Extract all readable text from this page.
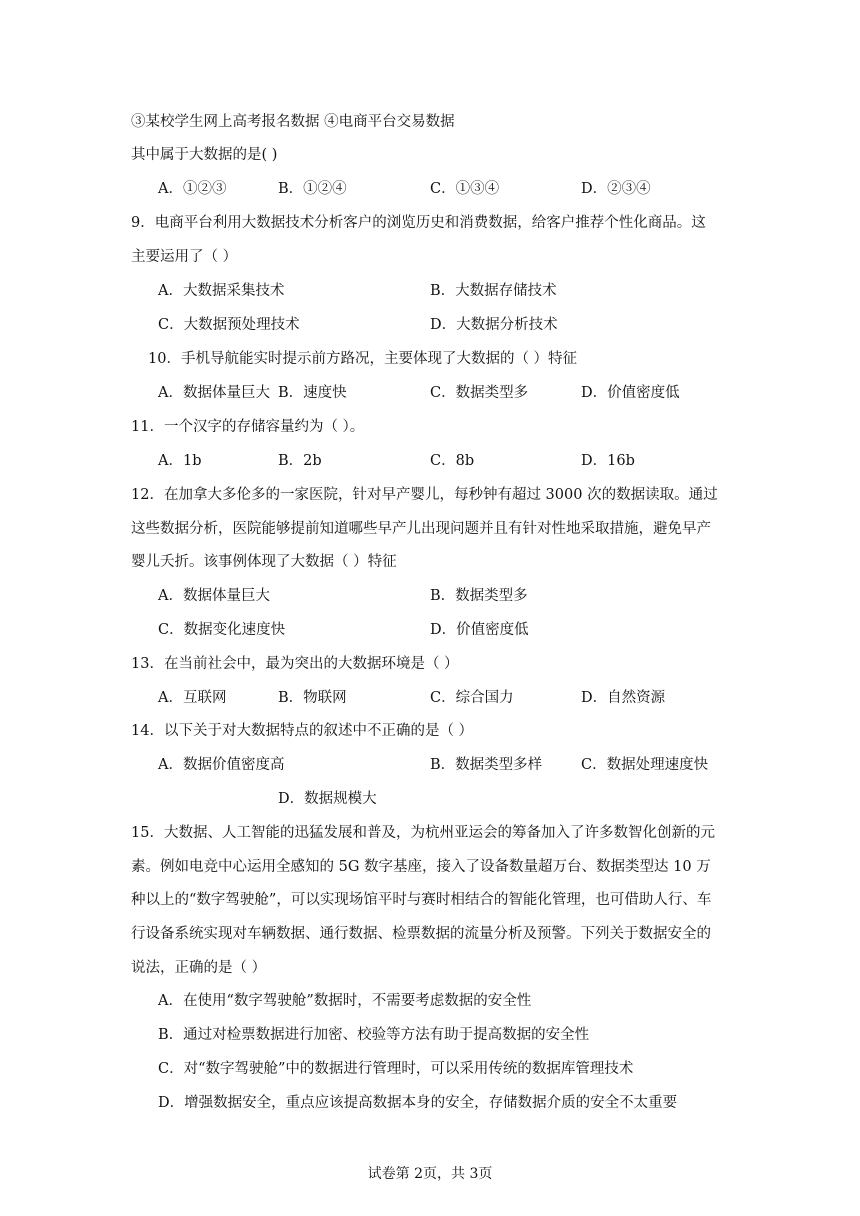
③某校学生网上高考报名数据 ④电商平台交易数据
其中属于大数据的是( )
A．①②③	B．①②④	C．①③④	D．②③④
9．电商平台利用大数据技术分析客户的浏览历史和消费数据，给客户推荐个性化商品。这
主要运用了（ ）
A．大数据采集技术	B．大数据存储技术
C．大数据预处理技术	D．大数据分析技术
10．手机导航能实时提示前方路况，主要体现了大数据的（ ）特征
A．数据体量巨大 B．速度快	C．数据类型多	D．价值密度低
11．一个汉字的存储容量约为（ ）。
A．1b	B．2b	C．8b	D．16b
12．在加拿大多伦多的一家医院，针对早产婴儿，每秒钟有超过 3000 次的数据读取。通过
这些数据分析，医院能够提前知道哪些早产儿出现问题并且有针对性地采取措施，避免早产
婴儿夭折。该事例体现了大数据（ ）特征
A．数据体量巨大	B．数据类型多
C．数据变化速度快	D．价值密度低
13．在当前社会中，最为突出的大数据环境是（ ）
A．互联网	B．物联网	C．综合国力	D．自然资源
14．以下关于对大数据特点的叙述中不正确的是（ ）
A．数据价值密度高	B．数据类型多样	C．数据处理速度快
D．数据规模大
15．大数据、人工智能的迅猛发展和普及，为杭州亚运会的筹备加入了许多数智化创新的元
素。例如电竞中心运用全感知的 5G 数字基座，接入了设备数量超万台、数据类型达 10 万
种以上的“数字驾驶舱”，可以实现场馆平时与赛时相结合的智能化管理，也可借助人行、车
行设备系统实现对车辆数据、通行数据、检票数据的流量分析及预警。下列关于数据安全的
说法，正确的是（ ）
A．在使用“数字驾驶舱”数据时，不需要考虑数据的安全性
B．通过对检票数据进行加密、校验等方法有助于提高数据的安全性
C．对“数字驾驶舱”中的数据进行管理时，可以采用传统的数据库管理技术
D．增强数据安全，重点应该提高数据本身的安全，存储数据介质的安全不太重要
试卷第 2页，共 3页
